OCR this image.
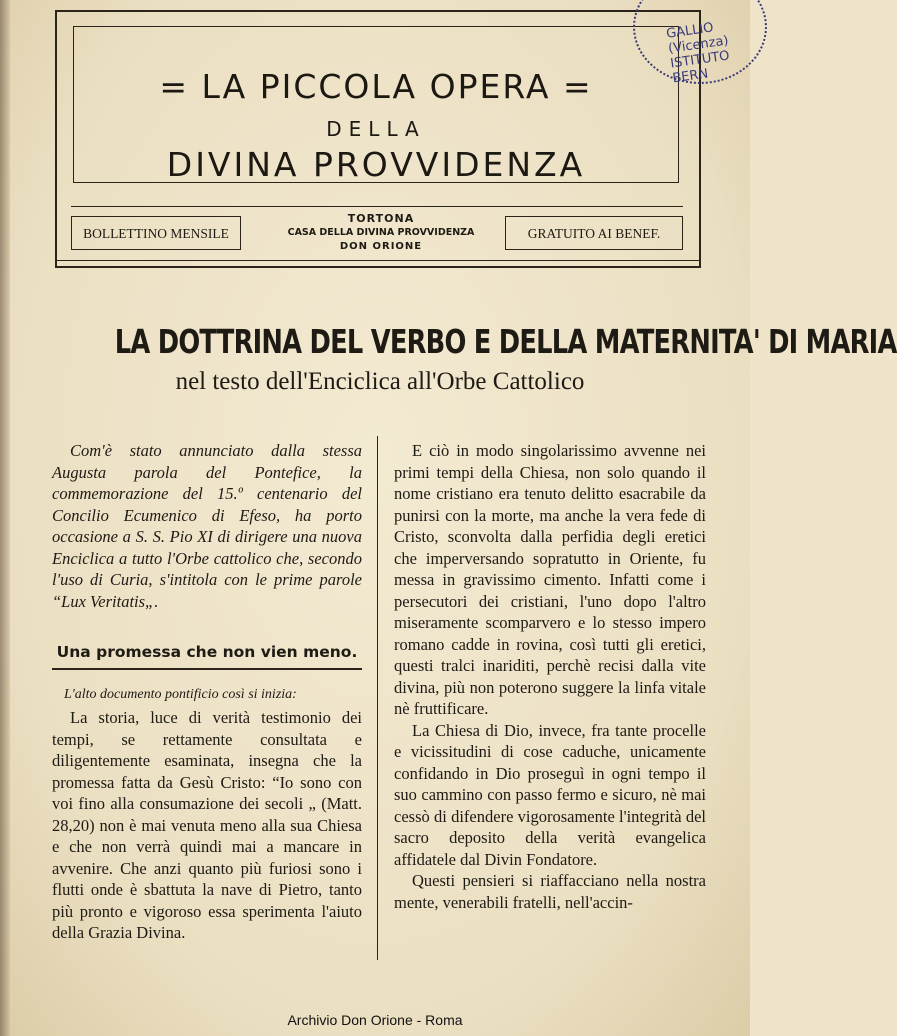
= LA PICCOLA OPERA =
DELLA
DIVINA PROVVIDENZA
BOLLETTINO MENSILE
TORTONA
CASA DELLA DIVINA PROVVIDENZA
DON ORIONE
GRATUITO AI BENEF.
GALLIO (Vicenza) ISTITUTO BERN
LA DOTTRINA DEL VERBO E DELLA MATERNITA' DI MARIA
nel testo dell'Enciclica all'Orbe Cattolico

Com'è stato annunciato dalla stessa Augusta parola del Pontefice, la commemorazione del 15.º centenario del Concilio Ecumenico di Efeso, ha porto occasione a S. S. Pio XI di dirigere una nuova Enciclica a tutto l'Orbe cattolico che, secondo l'uso di Curia, s'intitola con le prime parole “Lux Veritatis„.

Una promessa che non vien meno.

L'alto documento pontificio così si inizia:

La storia, luce di verità testimonio dei tempi, se rettamente consultata e diligentemente esaminata, insegna che la promessa fatta da Gesù Cristo: “Io sono con voi fino alla consumazione dei secoli „ (Matt. 28,20) non è mai venuta meno alla sua Chiesa e che non verrà quindi mai a mancare in avvenire. Che anzi quanto più furiosi sono i flutti onde è sbattuta la nave di Pietro, tanto più pronto e vigoroso essa sperimenta l'aiuto della Grazia Divina.

E ciò in modo singolarissimo avvenne nei primi tempi della Chiesa, non solo quando il nome cristiano era tenuto delitto esacrabile da punirsi con la morte, ma anche la vera fede di Cristo, sconvolta dalla perfidia degli eretici che imperversando sopratutto in Oriente, fu messa in gravissimo cimento. Infatti come i persecutori dei cristiani, l'uno dopo l'altro miseramente scomparvero e lo stesso impero romano cadde in rovina, così tutti gli eretici, questi tralci inariditi, perchè recisi dalla vite divina, più non poterono suggere la linfa vitale nè fruttificare.

La Chiesa di Dio, invece, fra tante procelle e vicissitudini di cose caduche, unicamente confidando in Dio proseguì in ogni tempo il suo cammino con passo fermo e sicuro, nè mai cessò di difendere vigorosamente l'integrità del sacro deposito della verità evangelica affidatele dal Divin Fondatore.

Questi pensieri si riaffacciano nella nostra mente, venerabili fratelli, nell'accin-

Archivio Don Orione - Roma
